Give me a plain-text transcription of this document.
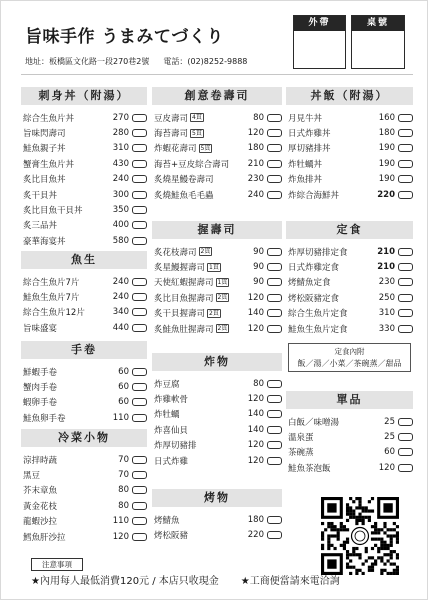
旨味手作 うまみてづくり
地址：板橋區文化路一段270巷2號 電話：(02)8252-9888
外帶	桌號
刺身丼（附湯）
綜合生魚片丼	270
旨味閃壽司	280
鮭魚親子丼	310
蟹膏生魚片丼	430
炙比目魚丼	240
炙干貝丼	300
炙比目魚干貝丼	350
炙三品丼	400
豪華海宴丼	580
魚生
綜合生魚片7片	240
鮭魚生魚片7片	240
綜合生魚片12片	340
旨味盛宴	440
手卷
鮮蝦手卷	60
蟹肉手卷	60
蝦卵手卷	60
鮭魚卵手卷	110
冷菜小物
涼拌時蔬	70
黑豆	70
芥末章魚	80
黃金花枝	80
龍蝦沙拉	110
鱈魚肝沙拉	120
創意卷壽司
豆皮壽司 4貫	80
海苔壽司 5貫	120
炸蝦花壽司 5貫	180
海苔+豆皮綜合壽司	210
炙燒星鰻卷壽司	230
炙燒鮭魚毛毛蟲	240
握壽司
炙花枝壽司 2貫	90
炙星鰻握壽司 1貫	90
天使紅蝦握壽司 1貫	90
炙比目魚握壽司 2貫	120
炙干貝握壽司 2貫	140
炙鮭魚肚握壽司 2貫	120
炸物
炸豆腐	80
炸雞軟骨	120
炸牡蠣	140
炸喜仙貝	140
炸厚切豬排	120
日式炸雞	120
烤物
烤鯖魚	180
烤松阪豬	220
丼飯（附湯）
月見牛丼	160
日式炸雞丼	180
厚切豬排丼	190
炸牡蠣丼	190
炸魚排丼	190
炸綜合海鮮丼	220
定食
炸厚切豬排定食	210
日式炸雞定食	210
烤鯖魚定食	230
烤松阪豬定食	250
綜合生魚片定食	310
鮭魚生魚片定食	330
定食內附
飯／湯／小菜／茶碗蒸／甜品
單品
白飯／味噌湯	25
溫泉蛋	25
茶碗蒸	60
鮭魚茶泡飯	120
注意事項
★內用每人最低消費120元 / 本店只收現金 ★工商便當請來電洽詢
